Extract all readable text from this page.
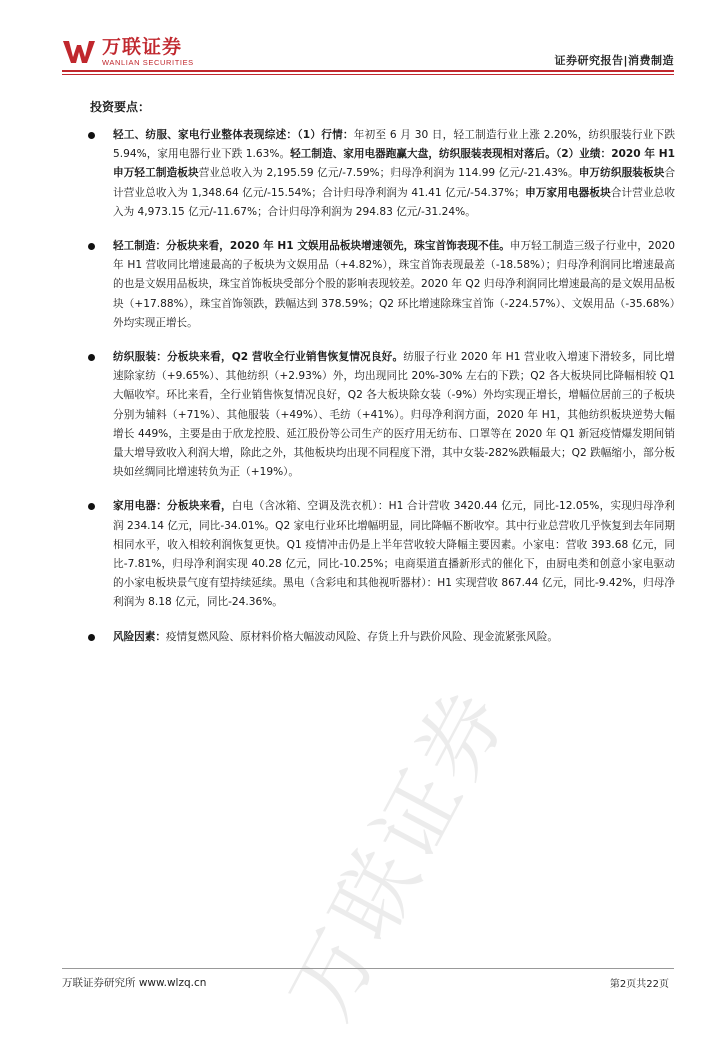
万联证券
WANLIAN SECURITIES	证券研究报告|消费制造
投资要点：
轻工、纺服、家电行业整体表现综述：（1）行情：年初至 6 月 30 日，轻工制造行业上涨 2.20%，纺织服装行业下跌 5.94%，家用电器行业下跌 1.63%。轻工制造、家用电器跑赢大盘，纺织服装表现相对落后。（2）业绩：2020 年 H1 申万轻工制造板块营业总收入为 2,195.59 亿元/-7.59%；归母净利润为 114.99 亿元/-21.43%。申万纺织服装板块合计营业总收入为 1,348.64 亿元/-15.54%；合计归母净利润为 41.41 亿元/-54.37%；申万家用电器板块合计营业总收入为 4,973.15 亿元/-11.67%；合计归母净利润为 294.83 亿元/-31.24%。
轻工制造：分板块来看，2020 年 H1 文娱用品板块增速领先，珠宝首饰表现不佳。申万轻工制造三级子行业中，2020 年 H1 营收同比增速最高的子板块为文娱用品（+4.82%），珠宝首饰表现最差（-18.58%）；归母净利润同比增速最高的也是文娱用品板块，珠宝首饰板块受部分个股的影响表现较差。2020 年 Q2 归母净利润同比增速最高的是文娱用品板块（+17.88%），珠宝首饰领跌，跌幅达到 378.59%；Q2 环比增速除珠宝首饰（-224.57%）、文娱用品（-35.68%）外均实现正增长。
纺织服装：分板块来看，Q2 营收全行业销售恢复情况良好。纺服子行业 2020 年 H1 营业收入增速下滑较多，同比增速除家纺（+9.65%）、其他纺织（+2.93%）外，均出现同比 20%-30% 左右的下跌；Q2 各大板块同比降幅相较 Q1 大幅收窄。环比来看，全行业销售恢复情况良好，Q2 各大板块除女装（-9%）外均实现正增长，增幅位居前三的子板块分别为辅料（+71%）、其他服装（+49%）、毛纺（+41%）。归母净利润方面，2020 年 H1，其他纺织板块逆势大幅增长 449%，主要是由于欣龙控股、延江股份等公司生产的医疗用无纺布、口罩等在 2020 年 Q1 新冠疫情爆发期间销量大增导致收入利润大增，除此之外，其他板块均出现不同程度下滑，其中女装-282%跌幅最大；Q2 跌幅缩小，部分板块如丝绸同比增速转负为正（+19%）。
家用电器：分板块来看，白电（含冰箱、空调及洗衣机）：H1 合计营收 3420.44 亿元，同比-12.05%，实现归母净利润 234.14 亿元，同比-34.01%。Q2 家电行业环比增幅明显，同比降幅不断收窄。其中行业总营收几乎恢复到去年同期相同水平，收入相较利润恢复更快。Q1 疫情冲击仍是上半年营收较大降幅主要因素。小家电：营收 393.68 亿元，同比-7.81%，归母净利润实现 40.28 亿元，同比-10.25%；电商渠道直播新形式的催化下，由厨电类和创意小家电驱动的小家电板块景气度有望持续延续。黑电（含彩电和其他视听器材）：H1 实现营收 867.44 亿元，同比-9.42%，归母净利润为 8.18 亿元，同比-24.36%。
风险因素：疫情复燃风险、原材料价格大幅波动风险、存货上升与跌价风险、现金流紧张风险。
万联证券
万联证券研究所 www.wlzq.cn	第2页共22页
